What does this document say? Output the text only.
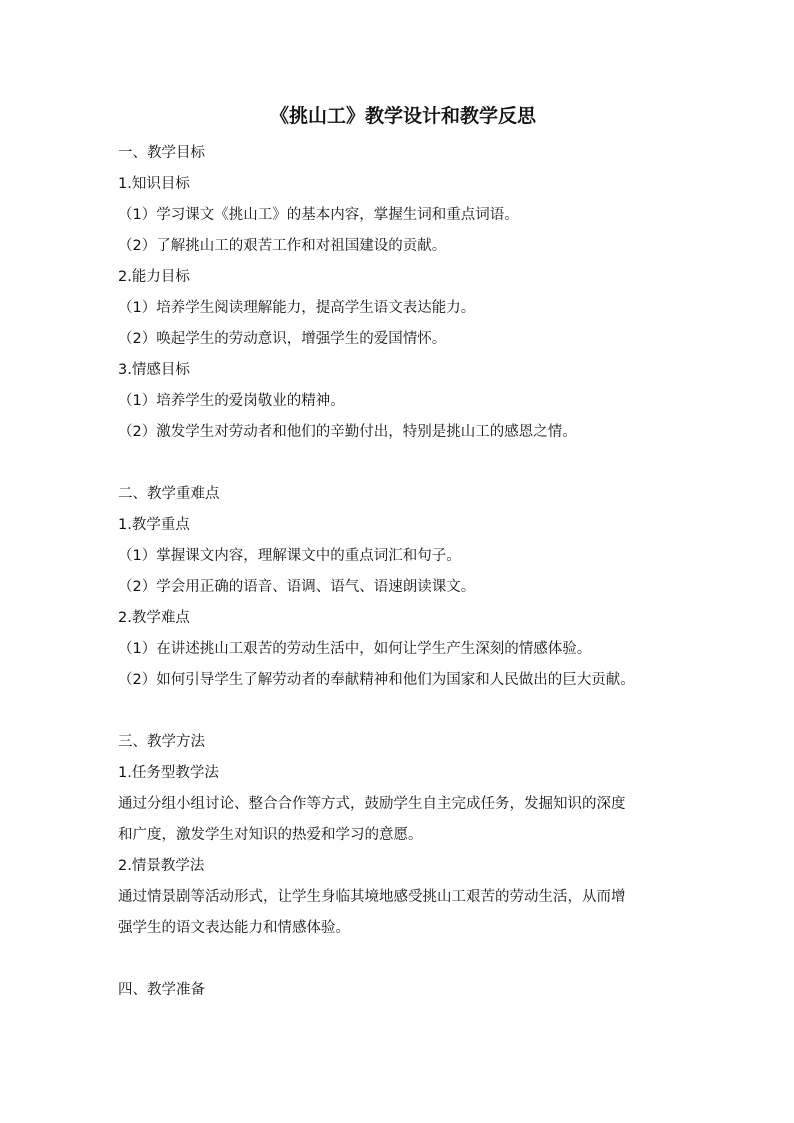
《挑山工》教学设计和教学反思
一、教学目标
1.知识目标
（1）学习课文《挑山工》的基本内容，掌握生词和重点词语。
（2）了解挑山工的艰苦工作和对祖国建设的贡献。
2.能力目标
（1）培养学生阅读理解能力，提高学生语文表达能力。
（2）唤起学生的劳动意识，增强学生的爱国情怀。
3.情感目标
（1）培养学生的爱岗敬业的精神。
（2）激发学生对劳动者和他们的辛勤付出，特别是挑山工的感恩之情。
二、教学重难点
1.教学重点
（1）掌握课文内容，理解课文中的重点词汇和句子。
（2）学会用正确的语音、语调、语气、语速朗读课文。
2.教学难点
（1）在讲述挑山工艰苦的劳动生活中，如何让学生产生深刻的情感体验。
（2）如何引导学生了解劳动者的奉献精神和他们为国家和人民做出的巨大贡献。
三、教学方法
1.任务型教学法
通过分组小组讨论、整合合作等方式，鼓励学生自主完成任务，发掘知识的深度
和广度，激发学生对知识的热爱和学习的意愿。
2.情景教学法
通过情景剧等活动形式，让学生身临其境地感受挑山工艰苦的劳动生活，从而增
强学生的语文表达能力和情感体验。
四、教学准备
